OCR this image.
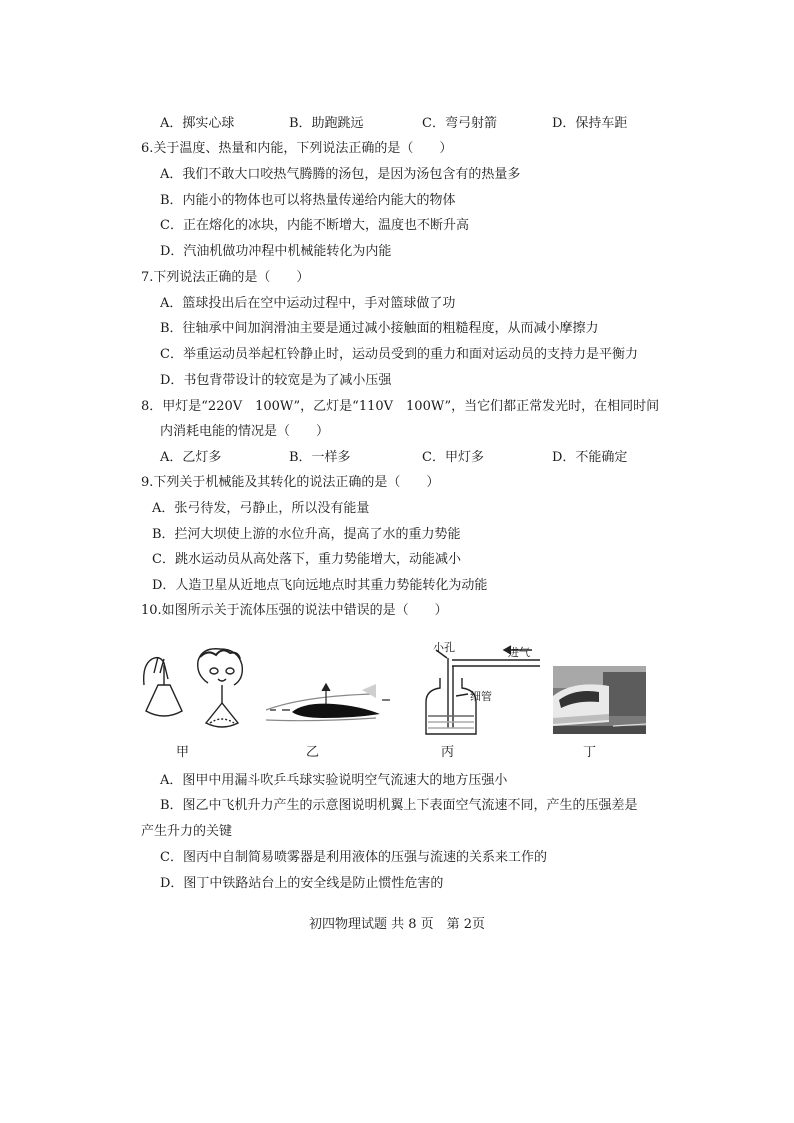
A．掷实心球	B．助跑跳远	C．弯弓射箭	D．保持车距
6.关于温度、热量和内能，下列说法正确的是（　　）
A．我们不敢大口咬热气腾腾的汤包，是因为汤包含有的热量多
B．内能小的物体也可以将热量传递给内能大的物体
C．正在熔化的冰块，内能不断增大，温度也不断升高
D．汽油机做功冲程中机械能转化为内能
7.下列说法正确的是（　　）
A．篮球投出后在空中运动过程中，手对篮球做了功
B．往轴承中间加润滑油主要是通过减小接触面的粗糙程度，从而减小摩擦力
C．举重运动员举起杠铃静止时，运动员受到的重力和面对运动员的支持力是平衡力
D．书包背带设计的较宽是为了减小压强
8．甲灯是“220V　100W”，乙灯是“110V　100W”，当它们都正常发光时，在相同时间
内消耗电能的情况是（　　）
A．乙灯多	B．一样多	C．甲灯多	D．不能确定
9.下列关于机械能及其转化的说法正确的是（　　）
A．张弓待发，弓静止，所以没有能量
B．拦河大坝使上游的水位升高，提高了水的重力势能
C．跳水运动员从高处落下，重力势能增大，动能减小
D．人造卫星从近地点飞向远地点时其重力势能转化为动能
10.如图所示关于流体压强的说法中错误的是（　　）
甲	乙
小孔	进气
细管
丙	丁
A．图甲中用漏斗吹乒乓球实验说明空气流速大的地方压强小
B．图乙中飞机升力产生的示意图说明机翼上下表面空气流速不同，产生的压强差是
产生升力的关键
C．图丙中自制简易喷雾器是利用液体的压强与流速的关系来工作的
D．图丁中铁路站台上的安全线是防止惯性危害的
初四物理试题 共 8 页　第 2页
